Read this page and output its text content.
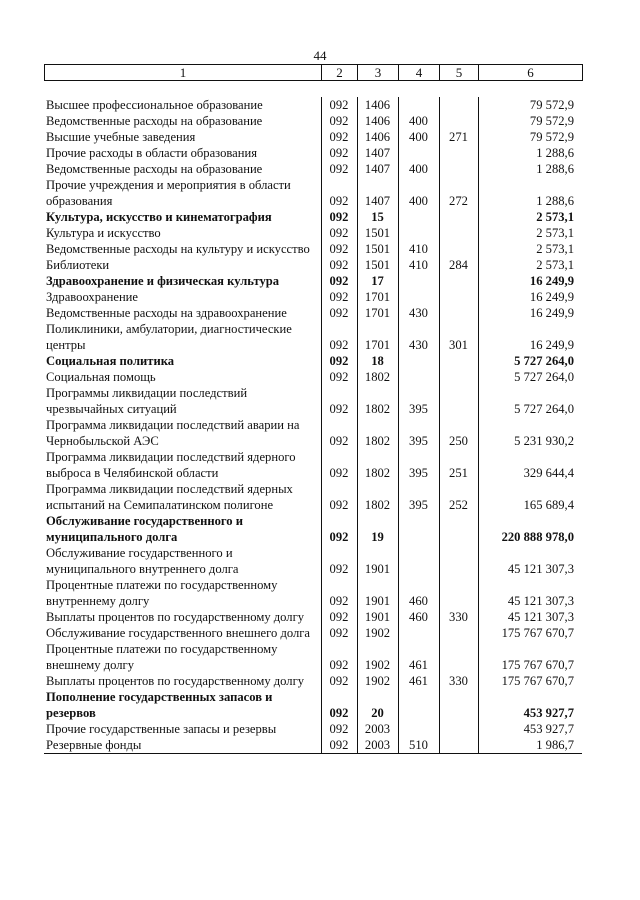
44
1	2	3	4	5	6
Высшее профессиональное образование	092	1406			79 572,9
Ведомственные расходы на образование	092	1406	400		79 572,9
Высшие учебные заведения	092	1406	400	271	79 572,9
Прочие расходы в области образования	092	1407			1 288,6
Ведомственные расходы на образование	092	1407	400		1 288,6
Прочие учреждения и мероприятия в области образования	092	1407	400	272	1 288,6
Культура, искусство и кинематография	092	15			2 573,1
Культура и искусство	092	1501			2 573,1
Ведомственные расходы на культуру и искусство	092	1501	410		2 573,1
Библиотеки	092	1501	410	284	2 573,1
Здравоохранение и физическая культура	092	17			16 249,9
Здравоохранение	092	1701			16 249,9
Ведомственные расходы на здравоохранение	092	1701	430		16 249,9
Поликлиники, амбулатории, диагностические центры	092	1701	430	301	16 249,9
Социальная политика	092	18			5 727 264,0
Социальная помощь	092	1802			5 727 264,0
Программы ликвидации последствий чрезвычайных ситуаций	092	1802	395		5 727 264,0
Программа ликвидации последствий аварии на Чернобыльской АЭС	092	1802	395	250	5 231 930,2
Программа ликвидации последствий ядерного выброса в Челябинской области	092	1802	395	251	329 644,4
Программа ликвидации последствий ядерных испытаний на Семипалатинском полигоне	092	1802	395	252	165 689,4
Обслуживание государственного и муниципального долга	092	19			220 888 978,0
Обслуживание государственного и муниципального внутреннего долга	092	1901			45 121 307,3
Процентные платежи по государственному внутреннему долгу	092	1901	460		45 121 307,3
Выплаты процентов по государственному долгу	092	1901	460	330	45 121 307,3
Обслуживание государственного внешнего долга	092	1902			175 767 670,7
Процентные платежи по государственному внешнему долгу	092	1902	461		175 767 670,7
Выплаты процентов по государственному долгу	092	1902	461	330	175 767 670,7
Пополнение государственных запасов и резервов	092	20			453 927,7
Прочие государственные запасы и резервы	092	2003			453 927,7
Резервные фонды	092	2003	510		1 986,7
